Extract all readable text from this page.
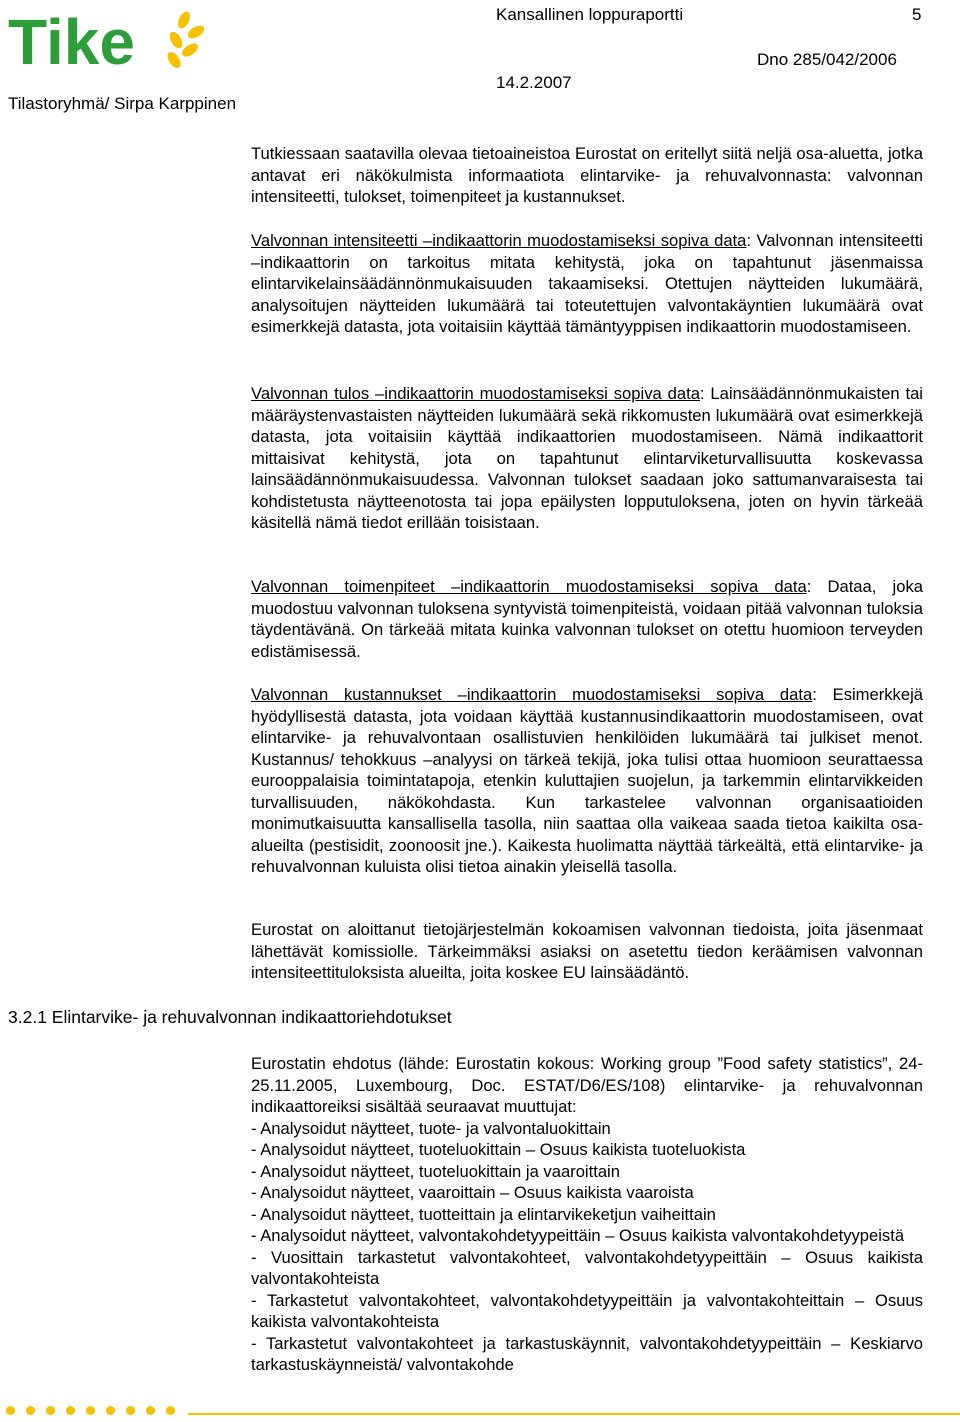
Tike
Tilastoryhmä/ Sirpa Karppinen
Kansallinen loppuraportti	5
14.2.2007
Dno 285/042/2006
Tutkiessaan saatavilla olevaa tietoaineistoa Eurostat on eritellyt siitä neljä osa-aluetta, jotka antavat eri näkökulmista informaatiota elintarvike- ja rehuvalvonnasta: valvonnan intensiteetti, tulokset, toimenpiteet ja kustannukset.
Valvonnan intensiteetti –indikaattorin muodostamiseksi sopiva data: Valvonnan intensiteetti –indikaattorin on tarkoitus mitata kehitystä, joka on tapahtunut jäsenmaissa elintarvikelainsäädännönmukaisuuden takaamiseksi. Otettujen näytteiden lukumäärä, analysoitujen näytteiden lukumäärä tai toteutettujen valvontakäyntien lukumäärä ovat esimerkkejä datasta, jota voitaisiin käyttää tämäntyyppisen indikaattorin muodostamiseen.
Valvonnan tulos –indikaattorin muodostamiseksi sopiva data: Lainsäädännönmukaisten tai määräystenvastaisten näytteiden lukumäärä sekä rikkomusten lukumäärä ovat esimerkkejä datasta, jota voitaisiin käyttää indikaattorien muodostamiseen. Nämä indikaattorit mittaisivat kehitystä, jota on tapahtunut elintarviketurvallisuutta koskevassa lainsäädännönmukaisuudessa. Valvonnan tulokset saadaan joko sattumanvaraisesta tai kohdistetusta näytteenotosta tai jopa epäilysten lopputuloksena, joten on hyvin tärkeää käsitellä nämä tiedot erillään toisistaan.
Valvonnan toimenpiteet –indikaattorin muodostamiseksi sopiva data: Dataa, joka muodostuu valvonnan tuloksena syntyvistä toimenpiteistä, voidaan pitää valvonnan tuloksia täydentävänä. On tärkeää mitata kuinka valvonnan tulokset on otettu huomioon terveyden edistämisessä.
Valvonnan kustannukset –indikaattorin muodostamiseksi sopiva data: Esimerkkejä hyödyllisestä datasta, jota voidaan käyttää kustannusindikaattorin muodostamiseen, ovat elintarvike- ja rehuvalvontaan osallistuvien henkilöiden lukumäärä tai julkiset menot. Kustannus/ tehokkuus –analyysi on tärkeä tekijä, joka tulisi ottaa huomioon seurattaessa eurooppalaisia toimintatapoja, etenkin kuluttajien suojelun, ja tarkemmin elintarvikkeiden turvallisuuden, näkökohdasta. Kun tarkastelee valvonnan organisaatioiden monimutkaisuutta kansallisella tasolla, niin saattaa olla vaikeaa saada tietoa kaikilta osa-alueilta (pestisidit, zoonoosit jne.). Kaikesta huolimatta näyttää tärkeältä, että elintarvike- ja rehuvalvonnan kuluista olisi tietoa ainakin yleisellä tasolla.
Eurostat on aloittanut tietojärjestelmän kokoamisen valvonnan tiedoista, joita jäsenmaat lähettävät komissiolle. Tärkeimmäksi asiaksi on asetettu tiedon keräämisen valvonnan intensiteettituloksista alueilta, joita koskee EU lainsäädäntö.
3.2.1 Elintarvike- ja rehuvalvonnan indikaattoriehdotukset
Eurostatin ehdotus (lähde: Eurostatin kokous: Working group ”Food safety statistics”, 24-25.11.2005, Luxembourg, Doc. ESTAT/D6/ES/108) elintarvike- ja rehuvalvonnan indikaattoreiksi sisältää seuraavat muuttujat:
- Analysoidut näytteet, tuote- ja valvontaluokittain
- Analysoidut näytteet, tuoteluokittain – Osuus kaikista tuoteluokista
- Analysoidut näytteet, tuoteluokittain ja vaaroittain
- Analysoidut näytteet, vaaroittain – Osuus kaikista vaaroista
- Analysoidut näytteet, tuotteittain ja elintarvikeketjun vaiheittain
- Analysoidut näytteet, valvontakohdetyypeittäin – Osuus kaikista valvontakohdetyypeistä
- Vuosittain tarkastetut valvontakohteet, valvontakohdetyypeittäin – Osuus kaikista valvontakohteista
- Tarkastetut valvontakohteet, valvontakohdetyypeittäin ja valvontakohteittain – Osuus kaikista valvontakohteista
- Tarkastetut valvontakohteet ja tarkastuskäynnit, valvontakohdetyypeittäin – Keskiarvo tarkastuskäynneistä/ valvontakohde
